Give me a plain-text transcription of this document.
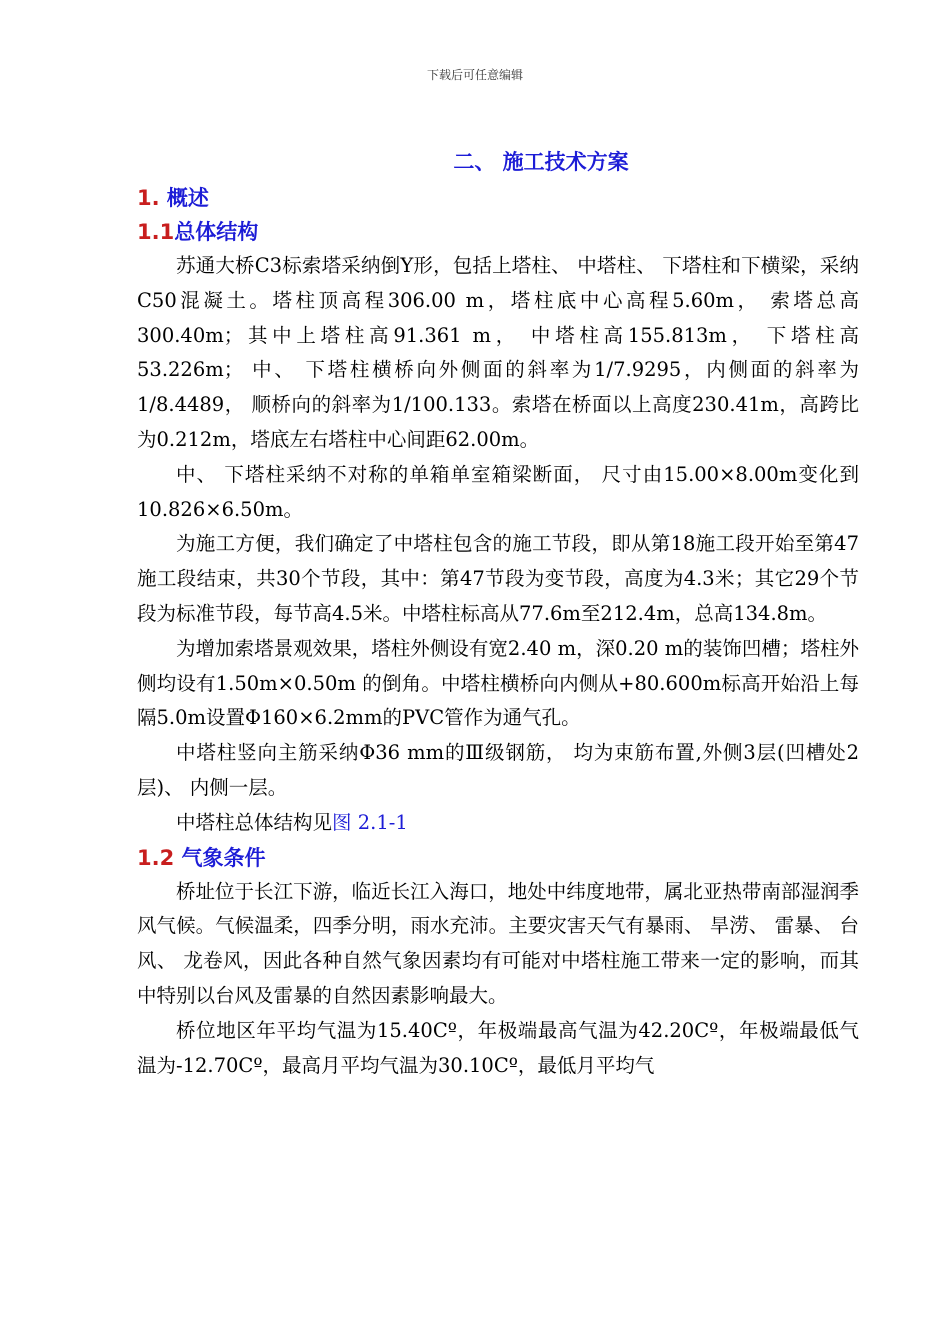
下载后可任意编辑
二、 施工技术方案
1. 概述
1.1总体结构

苏通大桥C3标索塔采纳倒Y形，包括上塔柱、 中塔柱、 下塔柱和下横梁，采纳C50混凝土。塔柱顶高程306.00 m，塔柱底中心高程5.60m， 索塔总高300.40m；其中上塔柱高91.361 m， 中塔柱高155.813m， 下塔柱高53.226m； 中、 下塔柱横桥向外侧面的斜率为1/7.9295，内侧面的斜率为1/8.4489， 顺桥向的斜率为1/100.133。索塔在桥面以上高度230.41m，高跨比为0.212m，塔底左右塔柱中心间距62.00m。

中、 下塔柱采纳不对称的单箱单室箱梁断面， 尺寸由15.00×8.00m变化到10.826×6.50m。

为施工方便，我们确定了中塔柱包含的施工节段，即从第18施工段开始至第47施工段结束，共30个节段，其中：第47节段为变节段，高度为4.3米；其它29个节段为标准节段，每节高4.5米。中塔柱标高从77.6m至212.4m，总高134.8m。

为增加索塔景观效果，塔柱外侧设有宽2.40 m，深0.20 m的装饰凹槽；塔柱外侧均设有1.50m×0.50m 的倒角。中塔柱横桥向内侧从+80.600m标高开始沿上每隔5.0m设置Φ160×6.2mm的PVC管作为通气孔。

中塔柱竖向主筋采纳Φ36 mm的Ⅲ级钢筋， 均为束筋布置,外侧3层(凹槽处2层)、 内侧一层。

中塔柱总体结构见图 2.1-1
1.2 气象条件

桥址位于长江下游，临近长江入海口，地处中纬度地带，属北亚热带南部湿润季风气候。气候温柔，四季分明，雨水充沛。主要灾害天气有暴雨、 旱涝、 雷暴、 台风、 龙卷风，因此各种自然气象因素均有可能对中塔柱施工带来一定的影响，而其中特别以台风及雷暴的自然因素影响最大。

桥位地区年平均气温为15.40Cº，年极端最高气温为42.20Cº，年极端最低气温为-12.70Cº，最高月平均气温为30.10Cº，最低月平均气
